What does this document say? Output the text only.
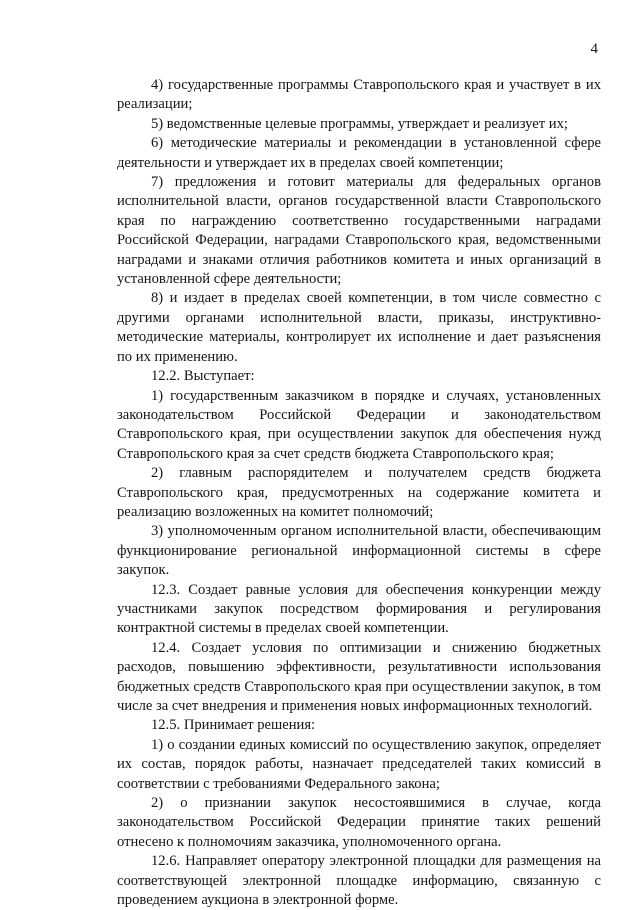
4

4) государственные программы Ставропольского края и участвует в их реализации;

5) ведомственные целевые программы, утверждает и реализует их;

6) методические материалы и рекомендации в установленной сфере деятельности и утверждает их в пределах своей компетенции;

7) предложения и готовит материалы для федеральных органов исполнительной власти, органов государственной власти Ставропольского края по награждению соответственно государственными наградами Российской Федерации, наградами Ставропольского края, ведомственными наградами и знаками отличия работников комитета и иных организаций в установленной сфере деятельности;

8) и издает в пределах своей компетенции, в том числе совместно с другими органами исполнительной власти, приказы, инструктивно-методические материалы, контролирует их исполнение и дает разъяснения по их применению.

12.2. Выступает:

1) государственным заказчиком в порядке и случаях, установленных законодательством Российской Федерации и законодательством Ставропольского края, при осуществлении закупок для обеспечения нужд Ставропольского края за счет средств бюджета Ставропольского края;

2) главным распорядителем и получателем средств бюджета Ставропольского края, предусмотренных на содержание комитета и реализацию возложенных на комитет полномочий;

3) уполномоченным органом исполнительной власти, обеспечивающим функционирование региональной информационной системы в сфере закупок.

12.3. Создает равные условия для обеспечения конкуренции между участниками закупок посредством формирования и регулирования контрактной системы в пределах своей компетенции.

12.4. Создает условия по оптимизации и снижению бюджетных расходов, повышению эффективности, результативности использования бюджетных средств Ставропольского края при осуществлении закупок, в том числе за счет внедрения и применения новых информационных технологий.

12.5. Принимает решения:

1) о создании единых комиссий по осуществлению закупок, определяет их состав, порядок работы, назначает председателей таких комиссий в соответствии с требованиями Федерального закона;

2) о признании закупок несостоявшимися в случае, когда законодательством Российской Федерации принятие таких решений отнесено к полномочиям заказчика, уполномоченного органа.

12.6. Направляет оператору электронной площадки для размещения на соответствующей электронной площадке информацию, связанную с проведением аукциона в электронной форме.
